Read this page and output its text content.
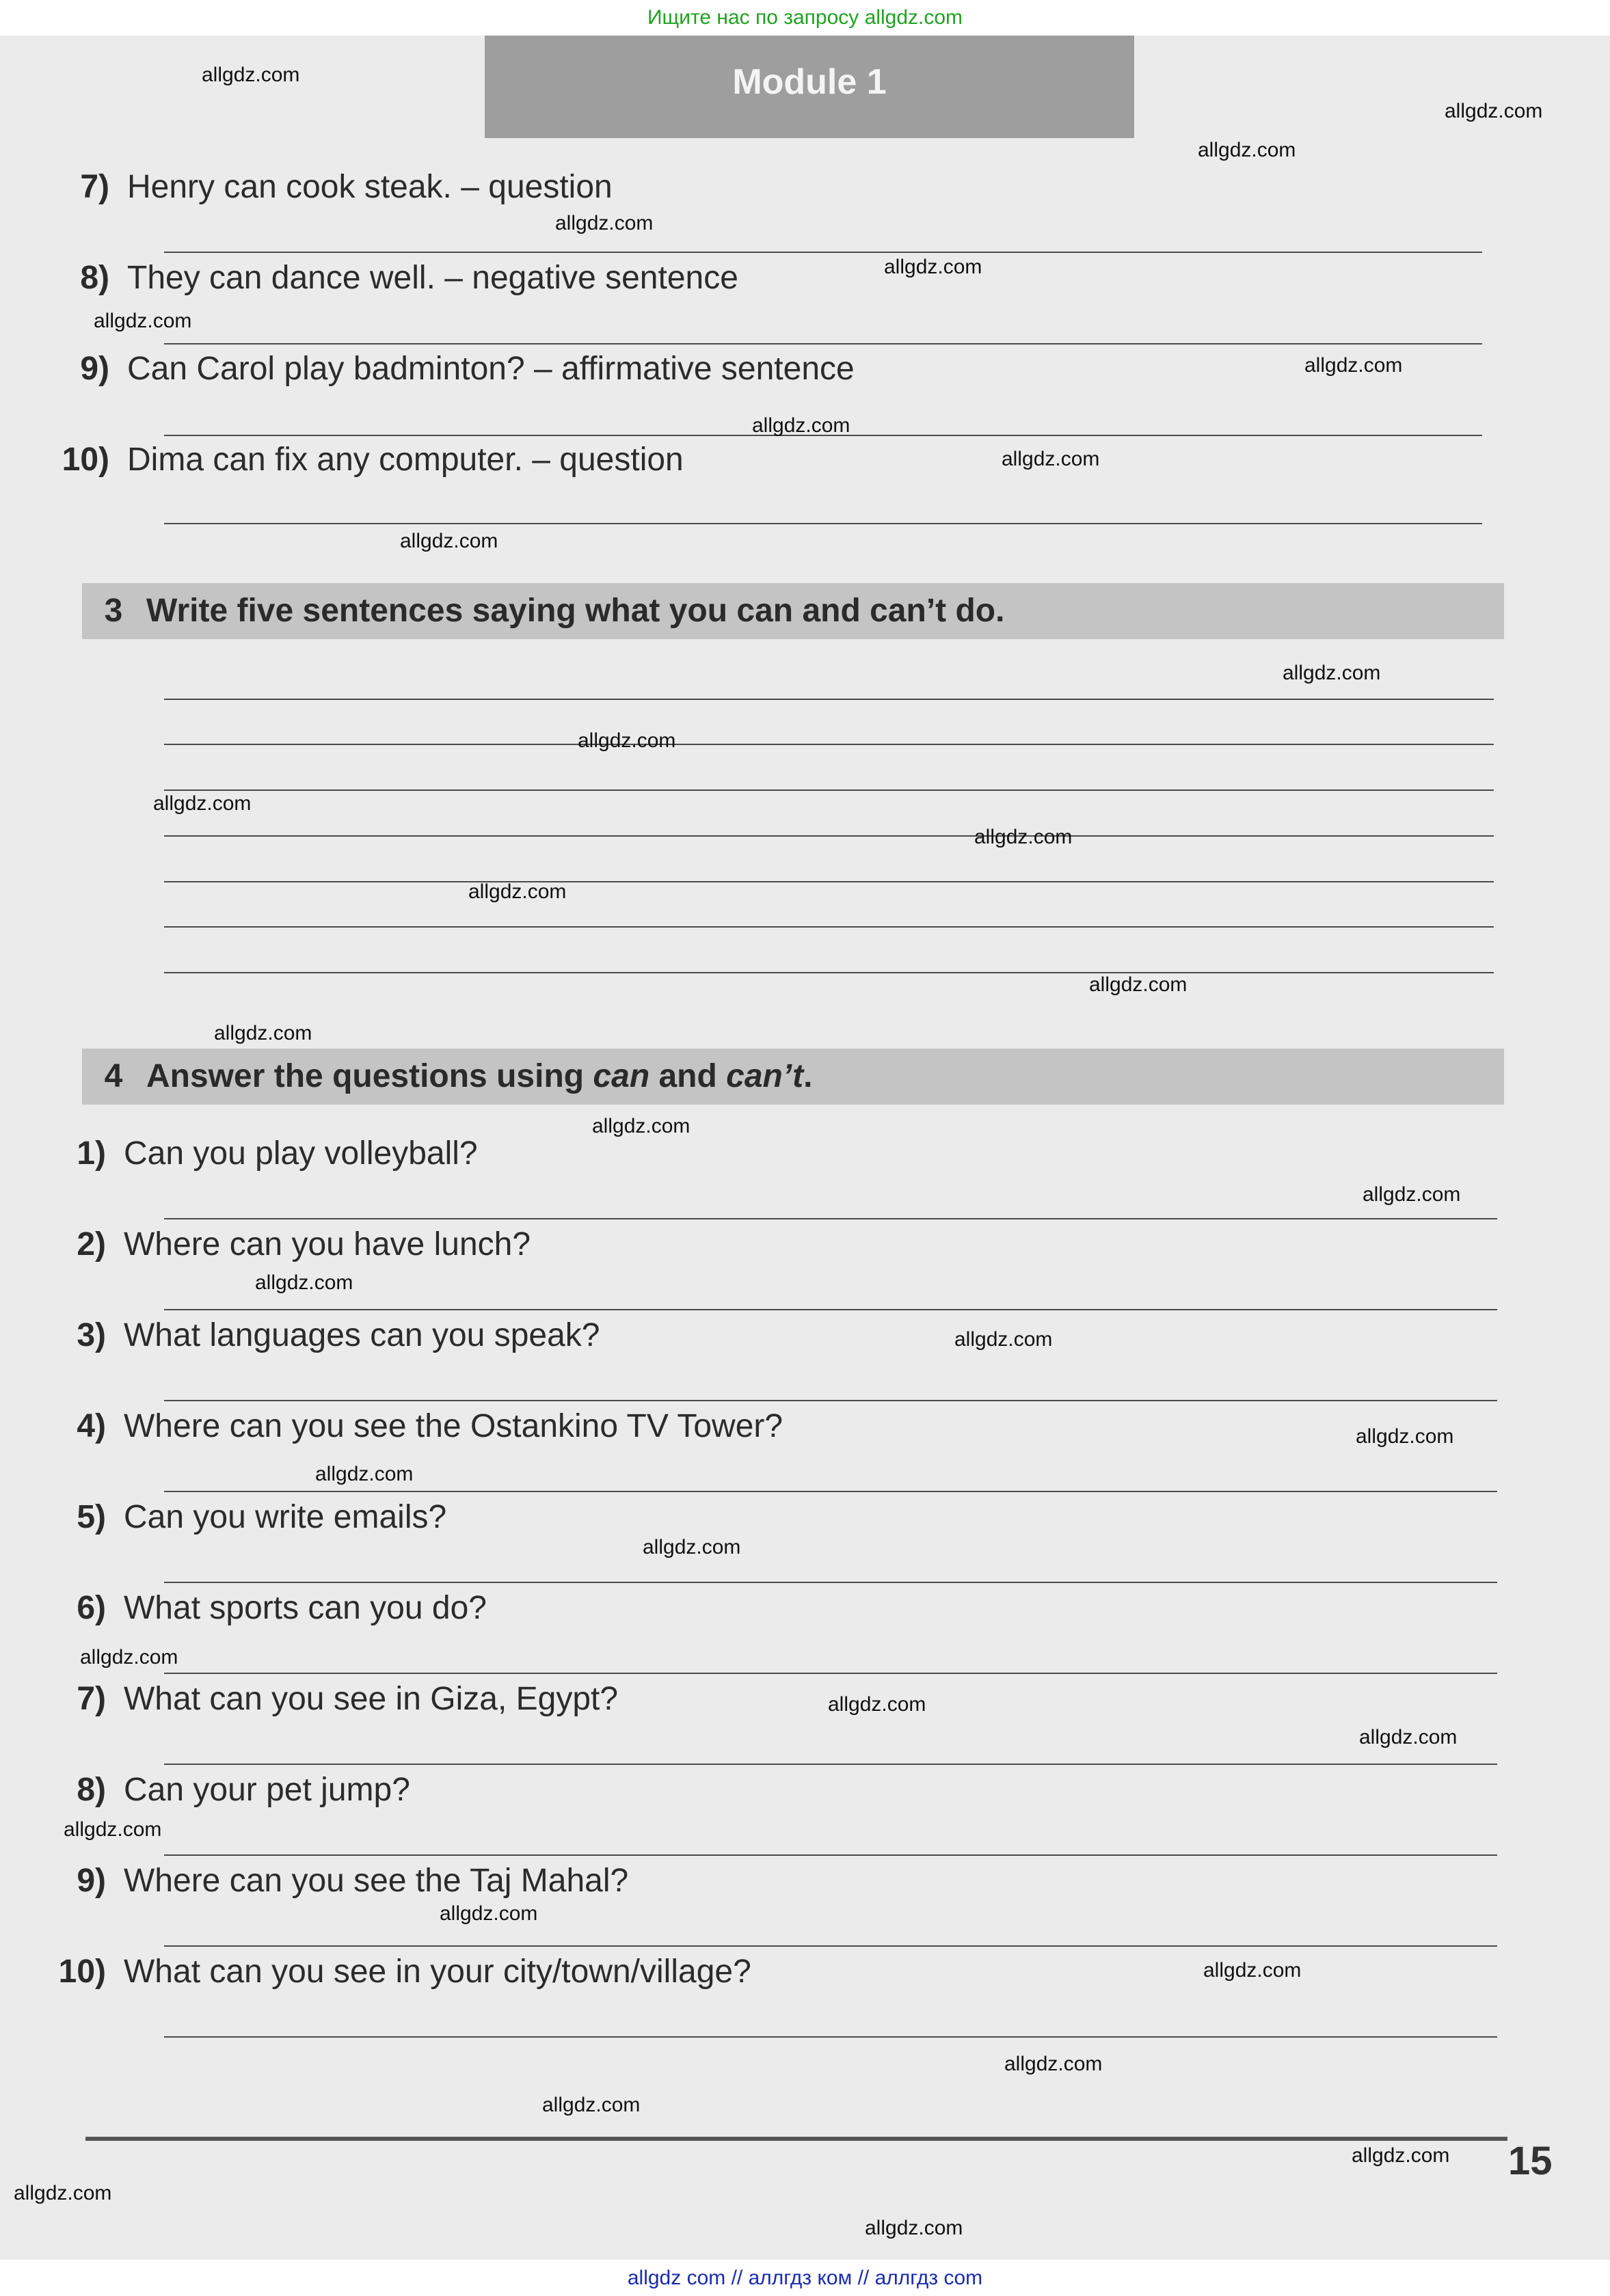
Ищите нас по запросу allgdz.com
Module 1
7) Henry can cook steak. – question
8) They can dance well. – negative sentence
9) Can Carol play badminton? – affirmative sentence
10) Dima can fix any computer. – question
3 Write five sentences saying what you can and can’t do.
4 Answer the questions using can and can’t.
1) Can you play volleyball?
2) Where can you have lunch?
3) What languages can you speak?
4) Where can you see the Ostankino TV Tower?
5) Can you write emails?
6) What sports can you do?
7) What can you see in Giza, Egypt?
8) Can your pet jump?
9) Where can you see the Taj Mahal?
10) What can you see in your city/town/village?
15
allgdz.com
allgdz.com
allgdz.com
allgdz.com
allgdz.com
allgdz.com
allgdz.com
allgdz.com
allgdz.com
allgdz.com
allgdz.com
allgdz.com
allgdz.com
allgdz.com
allgdz.com
allgdz.com
allgdz.com
allgdz.com
allgdz.com
allgdz.com
allgdz.com
allgdz.com
allgdz.com
allgdz.com
allgdz.com
allgdz.com
allgdz.com
allgdz.com
allgdz.com
allgdz.com
allgdz.com
allgdz.com
allgdz.com
allgdz.com
allgdz.com
allgdz com // аллгдз ком // аллгдз com
